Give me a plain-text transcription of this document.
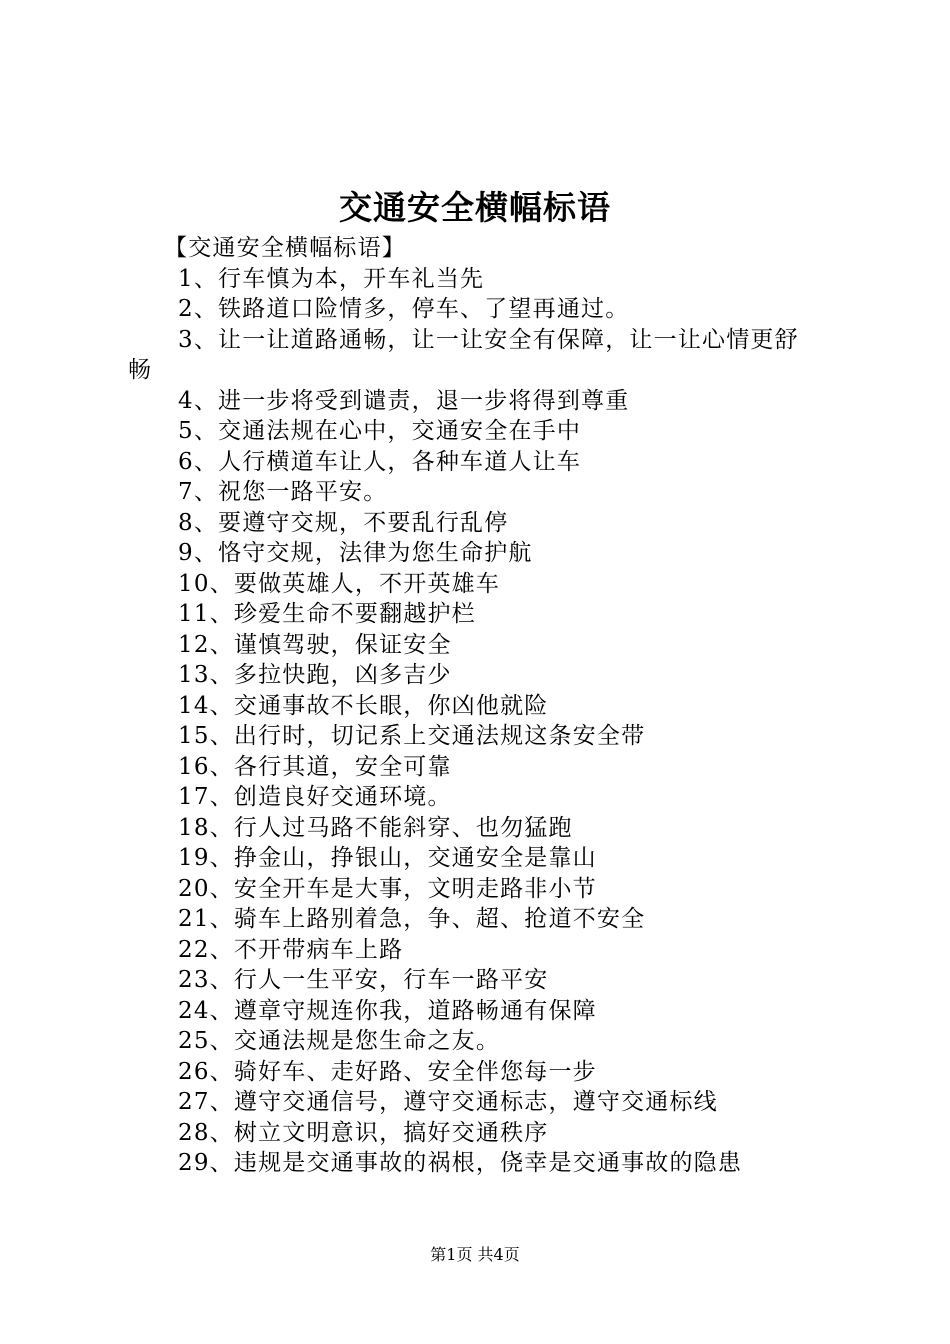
交通安全横幅标语
【交通安全横幅标语】
1、行车慎为本，开车礼当先
2、铁路道口险情多，停车、了望再通过。
3、让一让道路通畅，让一让安全有保障，让一让心情更舒
畅
4、进一步将受到谴责，退一步将得到尊重
5、交通法规在心中，交通安全在手中
6、人行横道车让人，各种车道人让车
7、祝您一路平安。
8、要遵守交规，不要乱行乱停
9、恪守交规，法律为您生命护航
10、要做英雄人，不开英雄车
11、珍爱生命不要翻越护栏
12、谨慎驾驶，保证安全
13、多拉快跑，凶多吉少
14、交通事故不长眼，你凶他就险
15、出行时，切记系上交通法规这条安全带
16、各行其道，安全可靠
17、创造良好交通环境。
18、行人过马路不能斜穿、也勿猛跑
19、挣金山，挣银山，交通安全是靠山
20、安全开车是大事，文明走路非小节
21、骑车上路别着急，争、超、抢道不安全
22、不开带病车上路
23、行人一生平安，行车一路平安
24、遵章守规连你我，道路畅通有保障
25、交通法规是您生命之友。
26、骑好车、走好路、安全伴您每一步
27、遵守交通信号，遵守交通标志，遵守交通标线
28、树立文明意识，搞好交通秩序
29、违规是交通事故的祸根，侥幸是交通事故的隐患
第1页 共4页
